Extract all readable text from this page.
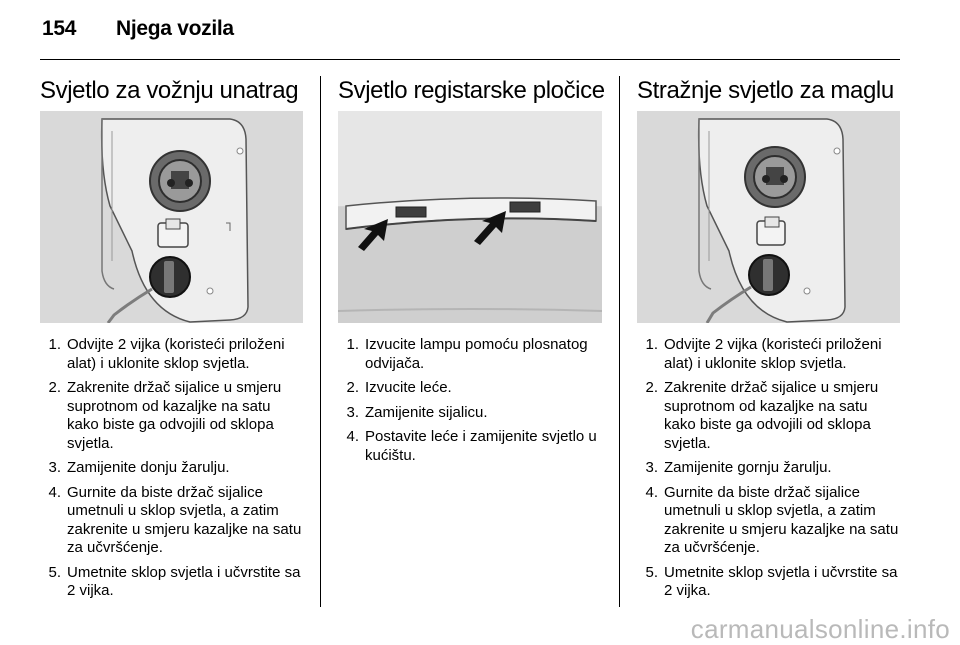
154 Njega vozila
Svjetlo za vožnju unatrag
1. Odvijte 2 vijka (koristeći priloženi alat) i uklonite sklop svjetla.
2. Zakrenite držač sijalice u smjeru suprotnom od kazaljke na satu kako biste ga odvojili od sklopa svjetla.
3. Zamijenite donju žarulju.
4. Gurnite da biste držač sijalice umetnuli u sklop svjetla, a zatim zakrenite u smjeru kazaljke na satu za učvršćenje.
5. Umetnite sklop svjetla i učvrstite sa 2 vijka.
Svjetlo registarske pločice
1. Izvucite lampu pomoću plosnatog odvijača.
2. Izvucite leće.
3. Zamijenite sijalicu.
4. Postavite leće i zamijenite svjetlo u kućištu.
Stražnje svjetlo za maglu
1. Odvijte 2 vijka (koristeći priloženi alat) i uklonite sklop svjetla.
2. Zakrenite držač sijalice u smjeru suprotnom od kazaljke na satu kako biste ga odvojili od sklopa svjetla.
3. Zamijenite gornju žarulju.
4. Gurnite da biste držač sijalice umetnuli u sklop svjetla, a zatim zakrenite u smjeru kazaljke na satu za učvršćenje.
5. Umetnite sklop svjetla i učvrstite sa 2 vijka.
carmanualsonline.info
